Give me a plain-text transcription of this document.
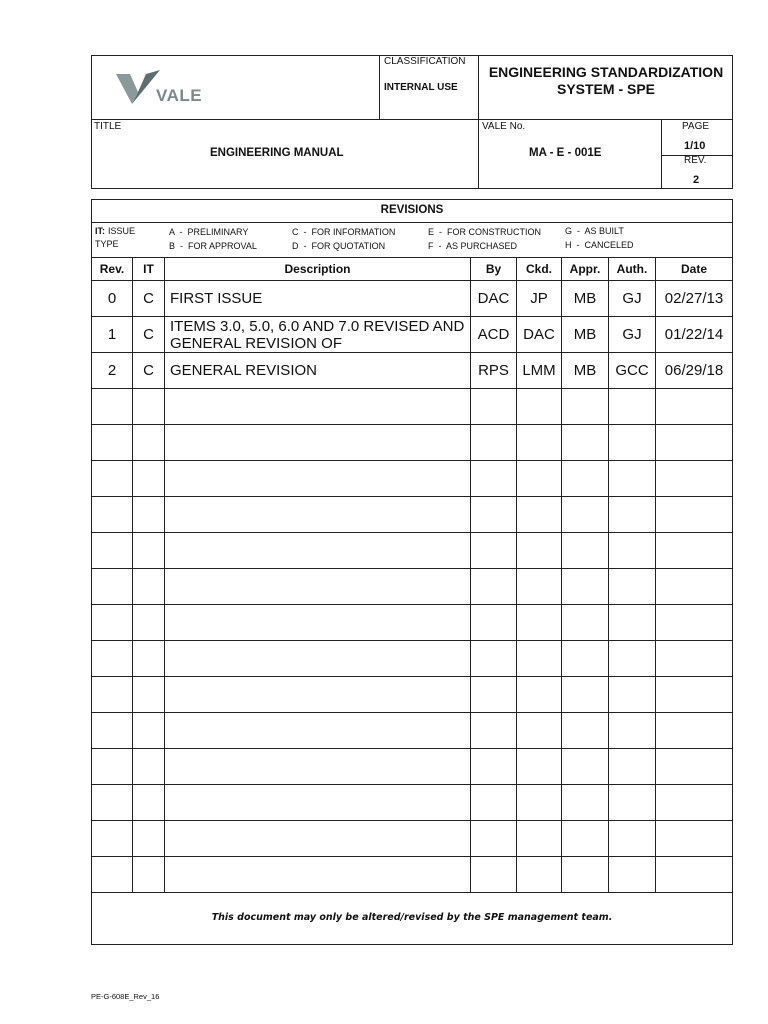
VALE
CLASSIFICATION
INTERNAL USE
ENGINEERING STANDARDIZATION SYSTEM - SPE
TITLE
ENGINEERING MANUAL
VALE No.
MA - E - 001E
PAGE
1/10
REV.
2
REVISIONS
IT: ISSUE
TYPE
A  -  PRELIMINARY
B  -  FOR APPROVAL
C  -  FOR INFORMATION
D  -  FOR QUOTATION
E  -  FOR CONSTRUCTION
F  -  AS PURCHASED
G  -  AS BUILT
H  -  CANCELED
Rev.	IT	Description	By	Ckd.	Appr.	Auth.	Date
0	C	FIRST ISSUE	DAC	JP	MB	GJ	02/27/13
1	C	ITEMS 3.0, 5.0, 6.0 AND 7.0 REVISED AND GENERAL REVISION OF	ACD	DAC	MB	GJ	01/22/14
2	C	GENERAL REVISION	RPS	LMM	MB	GCC	06/29/18

This document may only be altered/revised by the SPE management team.
PE-G-608E_Rev_16
